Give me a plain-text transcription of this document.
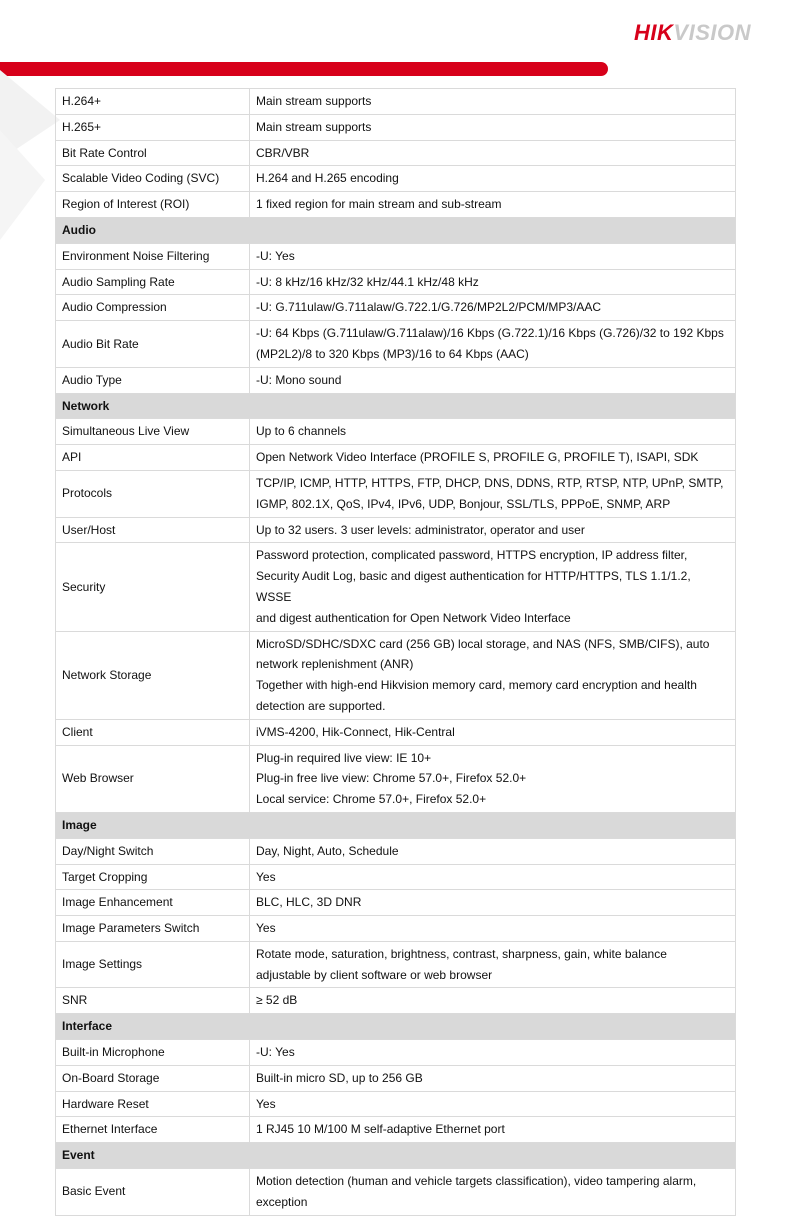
HIKVISION
H.264+	Main stream supports
H.265+	Main stream supports
Bit Rate Control	CBR/VBR
Scalable Video Coding (SVC)	H.264 and H.265 encoding
Region of Interest (ROI)	1 fixed region for main stream and sub-stream
Audio	
Environment Noise Filtering	-U: Yes
Audio Sampling Rate	-U: 8 kHz/16 kHz/32 kHz/44.1 kHz/48 kHz
Audio Compression	-U: G.711ulaw/G.711alaw/G.722.1/G.726/MP2L2/PCM/MP3/AAC
Audio Bit Rate	-U: 64 Kbps (G.711ulaw/G.711alaw)/16 Kbps (G.722.1)/16 Kbps (G.726)/32 to 192 Kbps
(MP2L2)/8 to 320 Kbps (MP3)/16 to 64 Kbps (AAC)

Audio Type	-U: Mono sound
Network	
Simultaneous Live View	Up to 6 channels
API	Open Network Video Interface (PROFILE S, PROFILE G, PROFILE T), ISAPI, SDK
Protocols	TCP/IP, ICMP, HTTP, HTTPS, FTP, DHCP, DNS, DDNS, RTP, RTSP, NTP, UPnP, SMTP,
IGMP, 802.1X, QoS, IPv4, IPv6, UDP, Bonjour, SSL/TLS, PPPoE, SNMP, ARP

User/Host	Up to 32 users. 3 user levels: administrator, operator and user
Security	Password protection, complicated password, HTTPS encryption, IP address filter,
Security Audit Log, basic and digest authentication for HTTP/HTTPS, TLS 1.1/1.2, WSSE
and digest authentication for Open Network Video Interface

Network Storage	MicroSD/SDHC/SDXC card (256 GB) local storage, and NAS (NFS, SMB/CIFS), auto
network replenishment (ANR)
Together with high-end Hikvision memory card, memory card encryption and health
detection are supported.

Client	iVMS-4200, Hik-Connect, Hik-Central
Web Browser	Plug-in required live view: IE 10+
Plug-in free live view: Chrome 57.0+, Firefox 52.0+
Local service: Chrome 57.0+, Firefox 52.0+

Image	
Day/Night Switch	Day, Night, Auto, Schedule
Target Cropping	Yes
Image Enhancement	BLC, HLC, 3D DNR
Image Parameters Switch	Yes
Image Settings	Rotate mode, saturation, brightness, contrast, sharpness, gain, white balance
adjustable by client software or web browser

SNR	≥ 52 dB
Interface	
Built-in Microphone	-U: Yes
On-Board Storage	Built-in micro SD, up to 256 GB
Hardware Reset	Yes
Ethernet Interface	1 RJ45 10 M/100 M self-adaptive Ethernet port
Event	
Basic Event	Motion detection (human and vehicle targets classification), video tampering alarm,
exception
